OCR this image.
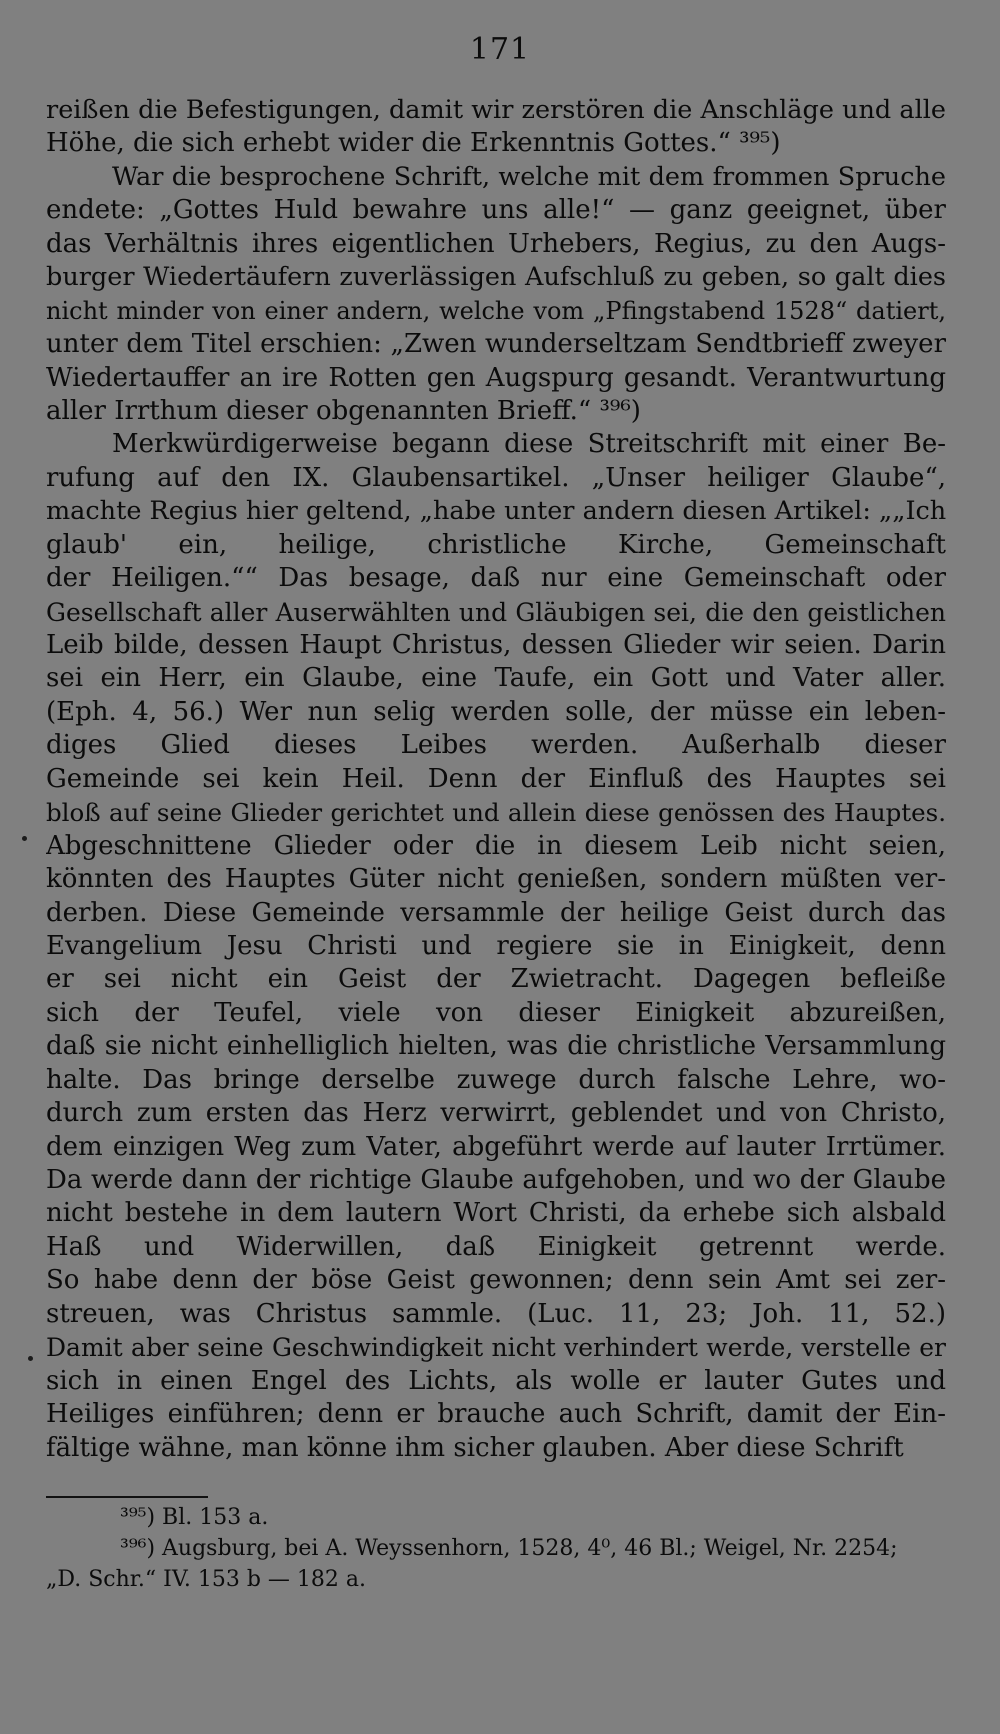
171
reißen die Befestigungen, damit wir zerstören die Anschläge und alle
Höhe, die sich erhebt wider die Erkenntnis Gottes.“ ³⁹⁵)
War die besprochene Schrift, welche mit dem frommen Spruche
endete: „Gottes Huld bewahre uns alle!“ — ganz geeignet, über
das Verhältnis ihres eigentlichen Urhebers, Regius, zu den Augs-
burger Wiedertäufern zuverlässigen Aufschluß zu geben, so galt dies
nicht minder von einer andern, welche vom „Pfingstabend 1528“ datiert,
unter dem Titel erschien: „Zwen wunderseltzam Sendtbrieff zweyer
Wiedertauffer an ire Rotten gen Augspurg gesandt. Verantwurtung
aller Irrthum dieser obgenannten Brieff.“ ³⁹⁶)
Merkwürdigerweise begann diese Streitschrift mit einer Be-
rufung auf den IX. Glaubensartikel. „Unser heiliger Glaube“,
machte Regius hier geltend, „habe unter andern diesen Artikel: „„Ich
glaub' ein, heilige, christliche Kirche, Gemeinschaft
der Heiligen.““ Das besage, daß nur eine Gemeinschaft oder
Gesellschaft aller Auserwählten und Gläubigen sei, die den geistlichen
Leib bilde, dessen Haupt Christus, dessen Glieder wir seien. Darin
sei ein Herr, ein Glaube, eine Taufe, ein Gott und Vater aller.
(Eph. 4, 56.) Wer nun selig werden solle, der müsse ein leben-
diges Glied dieses Leibes werden. Außerhalb dieser
Gemeinde sei kein Heil. Denn der Einfluß des Hauptes sei
bloß auf seine Glieder gerichtet und allein diese genössen des Hauptes.
Abgeschnittene Glieder oder die in diesem Leib nicht seien,
könnten des Hauptes Güter nicht genießen, sondern müßten ver-
derben. Diese Gemeinde versammle der heilige Geist durch das
Evangelium Jesu Christi und regiere sie in Einigkeit, denn
er sei nicht ein Geist der Zwietracht. Dagegen befleiße
sich der Teufel, viele von dieser Einigkeit abzureißen,
daß sie nicht einhelliglich hielten, was die christliche Versammlung
halte. Das bringe derselbe zuwege durch falsche Lehre, wo-
durch zum ersten das Herz verwirrt, geblendet und von Christo,
dem einzigen Weg zum Vater, abgeführt werde auf lauter Irrtümer.
Da werde dann der richtige Glaube aufgehoben, und wo der Glaube
nicht bestehe in dem lautern Wort Christi, da erhebe sich alsbald
Haß und Widerwillen, daß Einigkeit getrennt werde.
So habe denn der böse Geist gewonnen; denn sein Amt sei zer-
streuen, was Christus sammle. (Luc. 11, 23; Joh. 11, 52.)
Damit aber seine Geschwindigkeit nicht verhindert werde, verstelle er
sich in einen Engel des Lichts, als wolle er lauter Gutes und
Heiliges einführen; denn er brauche auch Schrift, damit der Ein-
fältige wähne, man könne ihm sicher glauben. Aber diese Schrift
³⁹⁵) Bl. 153 a.
³⁹⁶) Augsburg, bei A. Weyssenhorn, 1528, 4⁰, 46 Bl.; Weigel, Nr. 2254;
„D. Schr.“ IV. 153 b — 182 a.
